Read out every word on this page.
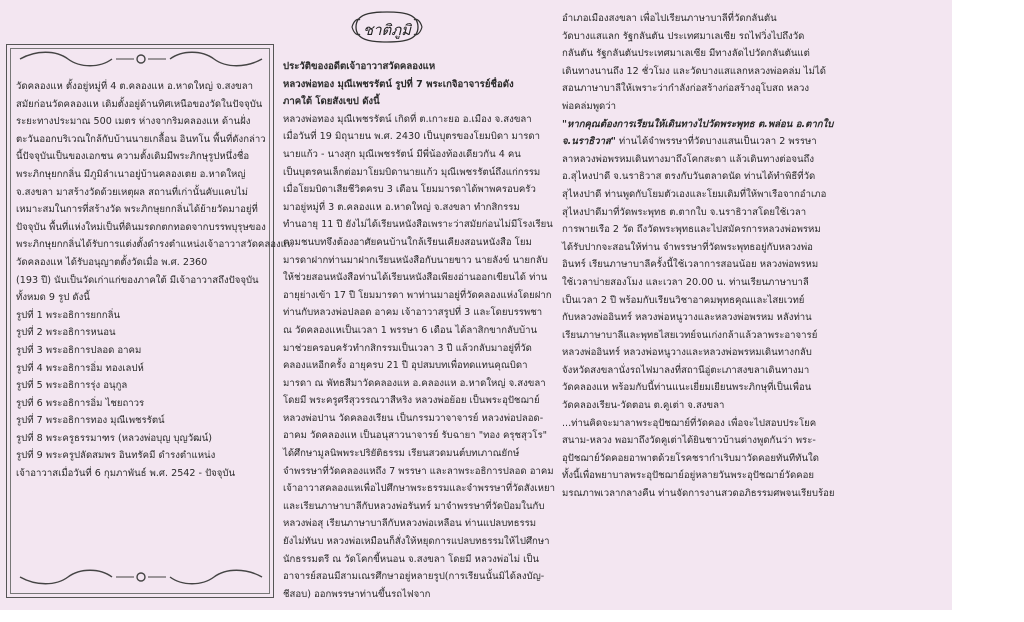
วัดคลองแห ตั้งอยู่หมู่ที่ 4 ต.คลองแห อ.หาดใหญ่ จ.สงขลา
สมัยก่อนวัดคลองแห เดิมตั้งอยู่ด้านทิศเหนือของวัดในปัจจุบัน
ระยะทางประมาณ 500 เมตร ห่างจากริมคลองแห ด้านฝั่ง
ตะวันออกบริเวณใกล้กับบ้านนายเกลื้อน อินทโน พื้นที่ดังกล่าว
นี้ปัจจุบันเป็นของเอกชน ความตั้งเดิมมีพระภิกษุรูปหนึ่งชื่อ
พระภิกษุยกกลิ่น มีภูมิลำเนาอยู่บ้านคลองเตย อ.หาดใหญ่
จ.สงขลา มาสร้างวัดด้วยเหตุผล สถานที่เก่านั้นคับแคบไม่
เหมาะสมในการที่สร้างวัด พระภิกษุยกกลิ่นได้ย้ายวัดมาอยู่ที่
ปัจจุบัน พื้นที่แห่งใหม่เป็นที่ดินมรดกตกทอดจากบรรพบุรุษของ
พระภิกษุยกกลิ่นได้รับการแต่งตั้งดำรงตำแหน่งเจ้าอาวาสวัดคลองแห
วัดคลองแห ได้รับอนุญาตตั้งวัดเมื่อ พ.ศ. 2360
(193 ปี) นับเป็นวัดเก่าแก่ของภาคใต้ มีเจ้าอาวาสถึงปัจจุบัน
ทั้งหมด 9 รูป ดังนี้
รูปที่ 1 พระอธิการยกกลิ่น
รูปที่ 2 พระอธิการหนอน
รูปที่ 3 พระอธิการปลอด อาคม
รูปที่ 4 พระอธิการอิ่ม ทองเลปห์
รูปที่ 5 พระอธิการรุ่ง อนุกูล
รูปที่ 6 พระอธิการอิ่ม ไชยถาวร
รูปที่ 7 พระอธิการทอง มุณีเพชรรัตน์
รูปที่ 8 พระครูธรรมาฑร (หลวงพ่อบุญ บุญวัฒน์)
รูปที่ 9 พระครูปลัดสมพร อินทรัคมี ดำรงตำแหน่ง
เจ้าอาวาสเมื่อวันที่ 6 กุมภาพันธ์ พ.ศ. 2542 - ปัจจุบัน
ชาติภูมิ
ประวัติของอดีตเจ้าอาวาสวัดคลองแห
หลวงพ่อทอง มุณีเพชรรัตน์ รูปที่ 7 พระเกจิอาจารย์ชื่อดัง
ภาคใต้ โดยสังเขป ดังนี้
หลวงพ่อทอง มุณีเพชรรัตน์ เกิดที่ ต.เกาะยอ อ.เมือง จ.สงขลา
เมื่อวันที่ 19 มิถุนายน พ.ศ. 2430 เป็นบุตรของโยมบิดา มารดา
นายแก้ว - นางสุก มุณีเพชรรัตน์ มีพี่น้องท้องเดียวกัน 4 คน
เป็นบุตรคนเล็กต่อมาโยมบิดานายแก้ว มุณีเพชรรัตน์ถึงแก่กรรม
เมื่อโยมบิดาเสียชีวิตครบ 3 เดือน โยมมารดาได้พาพครอบครัว
มาอยู่หมู่ที่ 3 ต.คลองแห อ.หาดใหญ่ จ.สงขลา ทำกสิกรรม
ทำนอายุ 11 ปี ยังไม่ได้เรียนหนังสือเพราะว่าสมัยก่อนไม่มีโรงเรียน
ตามชนบทจึงต้องอาศัยคนบ้านใกล้เรียนเคียงสอนหนังสือ โยม
มารดาฝากท่านมาฝากเรียนหนังสือกับนายขาว นายลังข์ นายกลับ
ให้ช่วยสอนหนังสือท่านได้เรียนหนังสือเพียงอ่านออกเขียนได้ ท่าน
อายุย่างเข้า 17 ปี โยมมารดา พาท่านมาอยู่ที่วัดคลองแห่งโดยฝาก
ท่านกับหลวงพ่อปลอด อาคม เจ้าอาวาสรูปที่ 3 และโดยบรรพชา
ณ วัดคลองแหเป็นเวลา 1 พรรษา 6 เดือน ได้ลาสิกขากลับบ้าน
มาช่วยครอบครัวทำกสิกรรมเป็นเวลา 3 ปี แล้วกลับมาอยู่ที่วัด
คลองแหอีกครั้ง อายุครบ 21 ปี อุปสมบทเพื่อทดแทนคุณบิดา
มารดา ณ พัทธสีมาวัดคลองแห อ.คลองแห อ.หาดใหญ่ จ.สงขลา
โดยมี พระครูศรีสุวรรณวาสีหริง หลวงพ่อย้อย เป็นพระอุปัชฌาย์
หลวงพ่อปาน วัดคลองเรียน เป็นกรรมวาจาจารย์ หลวงพ่อปลอด-
อาคม วัดคลองแห เป็นอนุสาวนาจารย์ รับฉายา "ทอง ครุชสุวโร"
ได้ศึกษามูลนิพพระปริยัติธรรม เรียนสวดมนต์บทเภาณยักษ์
จำพรรษาที่วัดคลองแหถึง 7 พรรษา และลาพระอธิการปลอด อาคม
เจ้าอาวาสคลองแหเพื่อไปศึกษาพระธรรมและจำพรรษาที่วัดสังเหยา
และเรียนภาษาบาลีกับหลวงพ่อรันทร์ มาจำพรรษาที่วัดป้อมในกับ
หลวงพ่อสุ เรียนภาษาบาลีกับหลวงพ่อเหลือน ท่านแปลบทธรรม
ยังไม่ทันบ หลวงพ่อเหมือนก็สั่งให้หยุดการแปลบทธรรมให้ไปศึกษา
นักธรรมตรี ณ วัดโคกขี้หนอน จ.สงขลา โดยมี หลวงพ่อไม่ เป็น
อาจารย์สอนมีสามเณรศึกษาอยู่หลายรูป(การเรียนนั้นมิได้ลงบัญ-
ชีสอบ) ออกพรรษาท่านขึ้นรถไฟจาก
อำเภอเมืองสงขลา เพื่อไปเรียนภาษาบาลีที่วัดกลันตัน
วัดบางแสแลก รัฐกลันตัน ประเทศมาเลเซีย รถไฟวิ่งไปถึงวัด
กลันตัน รัฐกลันตันประเทศมาเลเซีย มีทางลัดไปวัดกลันตันแต่
เดินทางนานถึง 12 ชั่วโมง และวัดบางแสแลกหลวงพ่อคล่ม ไม่ได้
สอนภาษาบาลีให้เพราะว่ากำลังก่อสร้างก่อสร้างอุโบสถ หลวง
พ่อคล่มพูดว่า
"หากคุณต้องการเรียนให้เดินทางไปวัดพระพุทธ ต.พล่อน อ.ตากใบ
จ.นราธิวาส" ท่านได้จำพรรษาที่วัดบางแสนเป็นเวลา 2 พรรษา
ลาหลวงพ่อพรหมเดินทางมาถึงโคกสะตา แล้วเดินทางต่อจนถึง
อ.สุไหงปาดี จ.นราธิวาส ตรงกับวันตลาดนัด ท่านได้ทำพิธีที่วัด
สุไหงปาดี ท่านพูดกับโยมตัวเองและโยมเดิมที่ให้พาเรือจากอำเภอ
สุไหงปาดีมาที่วัดพระพุทธ ต.ตากใบ จ.นราธิวาสโดยใช้เวลา
การพายเรือ 2 วัด ถึงวัดพระพุทธและไปสมัครการหลวงพ่อพรหม
ได้รับปากจะสอนให้ท่าน จำพรรษาที่วัดพระพุทธอยู่กับหลวงพ่อ
อินทร์ เรียนภาษาบาลีครั้งนี้ใช้เวลาการสอนน้อย หลวงพ่อพรหม
ใช้เวลาบ่ายสองโมง และเวลา 20.00 น. ท่านเรียนภาษาบาลี
เป็นเวลา 2 ปี พร้อมกับเรียนวิชาอาคมพุทธคุณและไสยเวทย์
กับหลวงพ่ออินทร์ หลวงพ่อหนูวางและหลวงพ่อพรหม หลังท่าน
เรียนภาษาบาลีและพุทธไสยเวทย์จนเก่งกล้าแล้วลาพระอาจารย์
หลวงพ่ออินทร์ หลวงพ่อหนูวางและหลวงพ่อพรหมเดินทางกลับ
จังหวัดสงขลานั่งรถไฟมาลงที่สถานีอู่ตะเภาสงขลาเดินทางมา
วัดคลองแห พร้อมกับนี้ท่านแนะเยี่ยมเยียนพระภิกษุที่เป็นเพื่อน
วัดคลองเรียน-วัดตอน ต.คูเต่า จ.สงขลา
...ท่านคิดจะมาลาพระอุปัชฌาย์ที่วัดคอง เพื่อจะไปสอบประโยค
สนาม-หลวง พอมาถึงวัดคูเต่าได้ยินชาวบ้านต่างพูดกันว่า พระ-
อุปัชฌาย์วัดคอยอาพาตด้วยโรคชรากำเริบมาวัดคอยทันทีทันใด
ทั้งนี้เพื่อพยาบาลพระอุปัชฌาย์อยู่หลายวันพระอุปัชฌาย์วัดคอย
มรณภาพเวลากลางคืน ท่านจัดการงานสวดอภิธรรมศพจนเรียบร้อย
